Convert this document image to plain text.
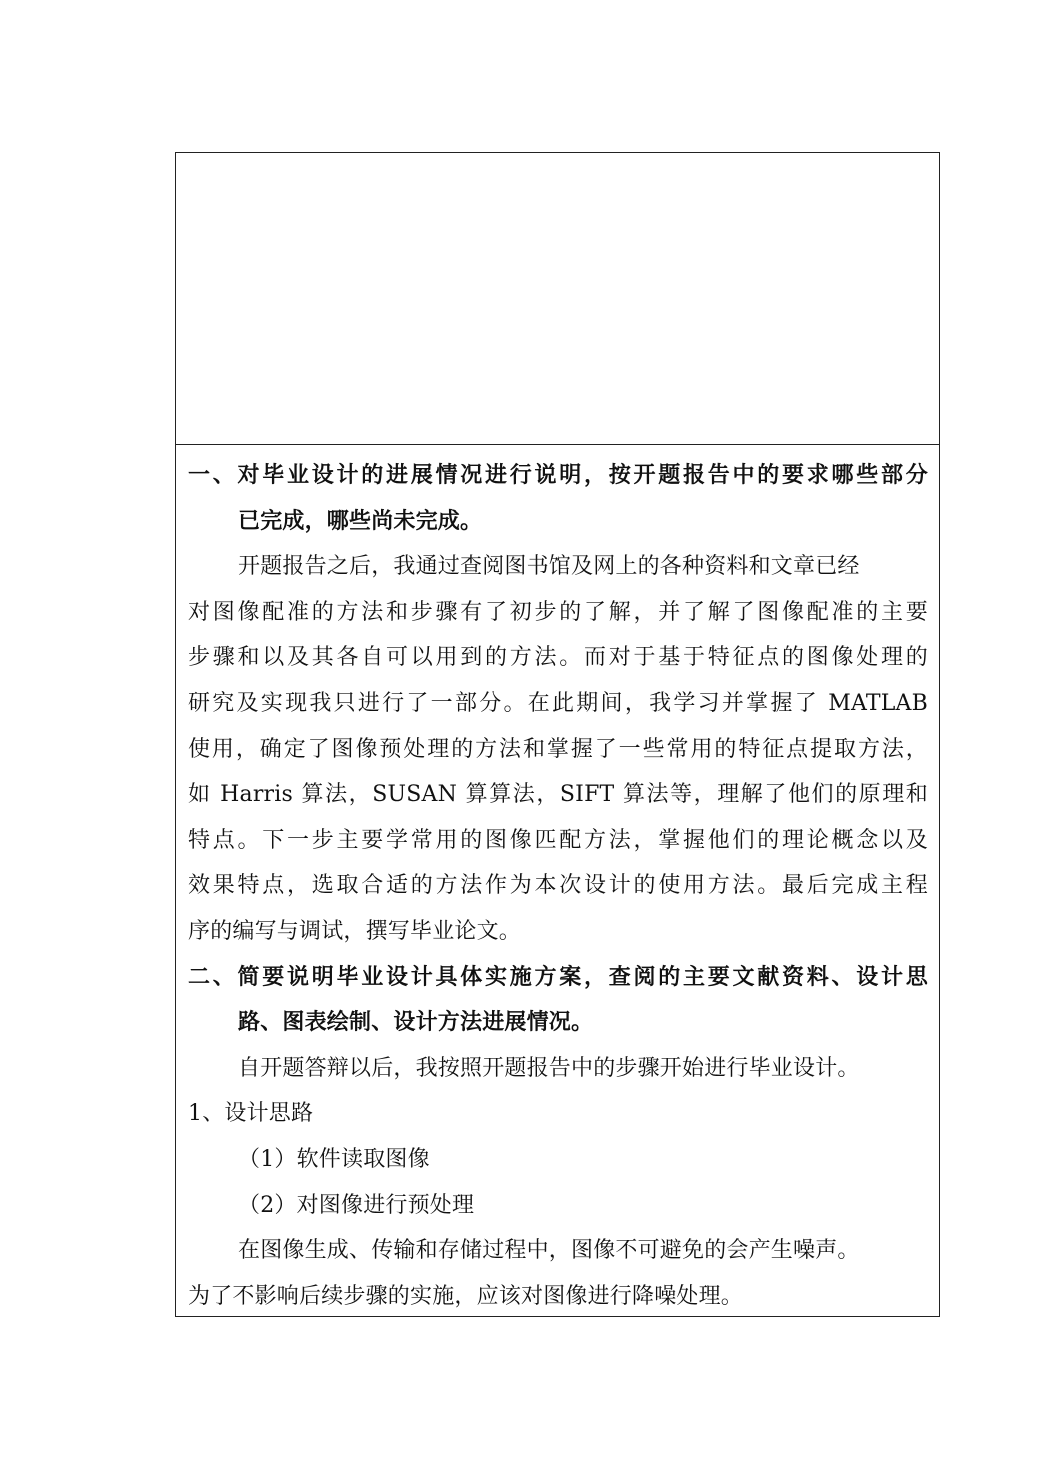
一、对毕业设计的进展情况进行说明，按开题报告中的要求哪些部分
已完成，哪些尚未完成。
开题报告之后，我通过查阅图书馆及网上的各种资料和文章已经
对图像配准的方法和步骤有了初步的了解，并了解了图像配准的主要
步骤和以及其各自可以用到的方法。而对于基于特征点的图像处理的
研究及实现我只进行了一部分。在此期间，我学习并掌握了 MATLAB
使用，确定了图像预处理的方法和掌握了一些常用的特征点提取方法，
如 Harris 算法，SUSAN 算算法，SIFT 算法等，理解了他们的原理和
特点。下一步主要学常用的图像匹配方法，掌握他们的理论概念以及
效果特点，选取合适的方法作为本次设计的使用方法。最后完成主程
序的编写与调试，撰写毕业论文。
二、简要说明毕业设计具体实施方案，查阅的主要文献资料、设计思
路、图表绘制、设计方法进展情况。
自开题答辩以后，我按照开题报告中的步骤开始进行毕业设计。
1、设计思路
（1）软件读取图像
（2）对图像进行预处理
在图像生成、传输和存储过程中，图像不可避免的会产生噪声。
为了不影响后续步骤的实施，应该对图像进行降噪处理。
